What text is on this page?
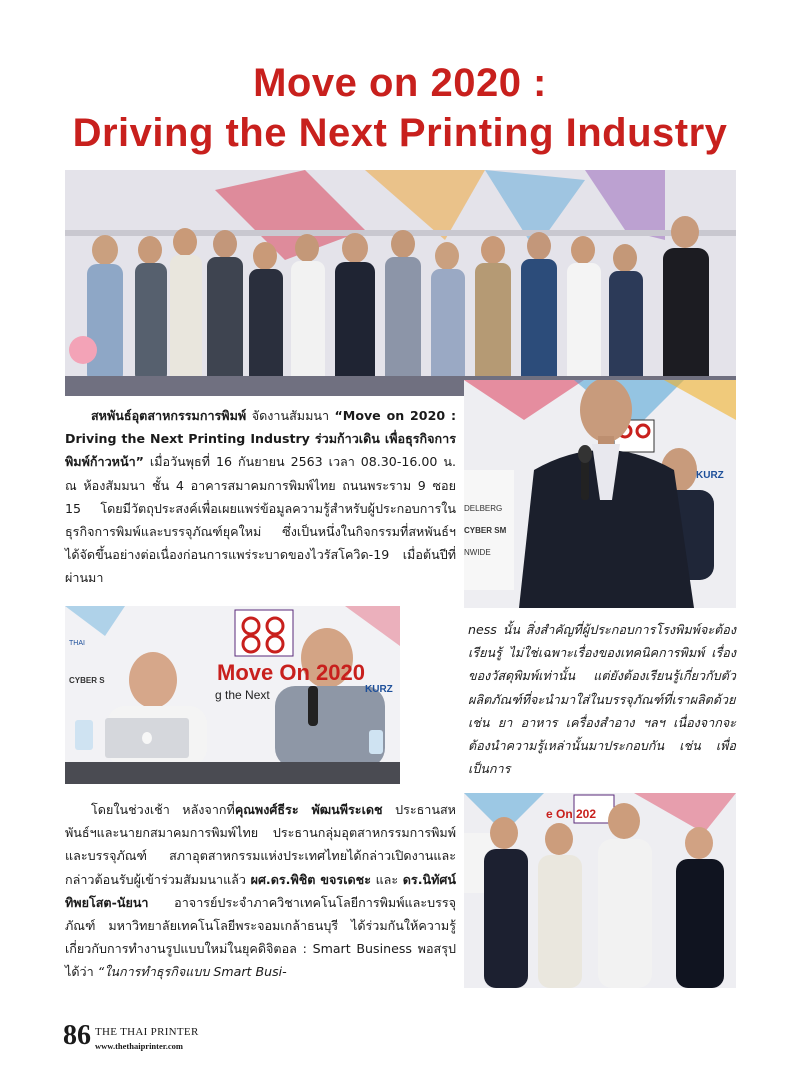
Move on 2020 :
Driving the Next Printing Industry
DELBERG
CYBER SM
NWIDE
KURZ
Move On 2020
g the Next	KURZ
CYBER S
THAI
e On 202

สหพันธ์อุตสาหกรรมการพิมพ์ จัดงานสัมมนา “Move on 2020 : Driving the Next Printing Industry ร่วมก้าวเดิน เพื่อธุรกิจการพิมพ์ก้าวหน้า” เมื่อวันพุธที่ 16 กันยายน 2563 เวลา 08.30-16.00 น. ณ ห้องสัมมนา ชั้น 4 อาคารสมาคมการพิมพ์ไทย ถนนพระราม 9 ซอย 15 โดยมีวัตถุประสงค์เพื่อเผยแพร่ข้อมูลความรู้สำหรับผู้ประกอบการในธุรกิจการพิมพ์และบรรจุภัณฑ์ยุคใหม่ ซึ่งเป็นหนึ่งในกิจกรรมที่สหพันธ์ฯ ได้จัดขึ้นอย่างต่อเนื่องก่อนการแพร่ระบาดของไวรัสโควิด-19 เมื่อต้นปีที่ผ่านมา

โดยในช่วงเช้า หลังจากที่คุณพงศ์ธีระ พัฒนพีระเดช ประธานสหพันธ์ฯและนายกสมาคมการพิมพ์ไทย ประธานกลุ่มอุตสาหกรรมการพิมพ์และบรรจุภัณฑ์ สภาอุตสาหกรรมแห่งประเทศไทยได้กล่าวเปิดงานและกล่าวต้อนรับผู้เข้าร่วมสัมมนาแล้ว ผศ.ดร.พิชิต ขจรเดชะ และ ดร.นิทัศน์ ทิพยโสต-นัยนา อาจารย์ประจำภาควิชาเทคโนโลยีการพิมพ์และบรรจุภัณฑ์ มหาวิทยาลัยเทคโนโลยีพระจอมเกล้าธนบุรี ได้ร่วมกันให้ความรู้เกี่ยวกับการทำงานรูปแบบใหม่ในยุคดิจิตอล : Smart Business พอสรุปได้ว่า “ในการทำธุรกิจแบบ Smart Busi-

ness นั้น สิ่งสำคัญที่ผู้ประกอบการโรงพิมพ์จะต้องเรียนรู้ ไม่ใช่เฉพาะเรื่องของเทคนิคการพิมพ์ เรื่องของวัสดุพิมพ์เท่านั้น แต่ยังต้องเรียนรู้เกี่ยวกับตัวผลิตภัณฑ์ที่จะนำมาใส่ในบรรจุภัณฑ์ที่เราผลิตด้วย เช่น ยา อาหาร เครื่องสำอาง ฯลฯ เนื่องจากจะต้องนำความรู้เหล่านั้นมาประกอบกัน เช่น เพื่อเป็นการ

86 THE THAI PRINTER
www.thethaiprinter.com
